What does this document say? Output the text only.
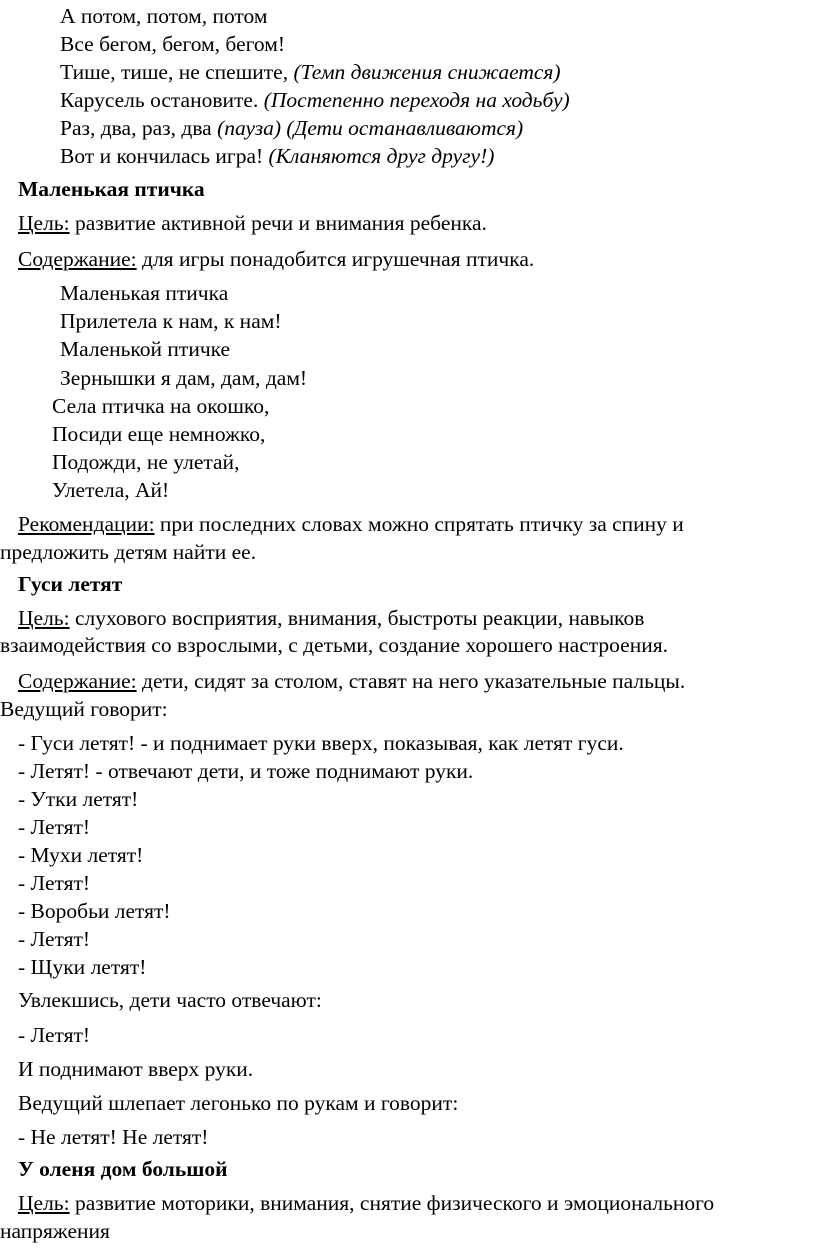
А потом, потом, потом
Все бегом, бегом, бегом!
Тише, тише, не спешите, (Темп движения снижается)
Карусель остановите. (Постепенно переходя на ходьбу)
Раз, два, раз, два (пауза) (Дети останавливаются)
Вот и кончилась игра! (Кланяются друг другу!)
Маленькая птичка
Цель: развитие активной речи и внимания ребенка.
Содержание: для игры понадобится игрушечная птичка.
Маленькая птичка
Прилетела к нам, к нам!
Маленькой птичке
Зернышки я дам, дам, дам!
Села птичка на окошко,
Посиди еще немножко,
Подожди, не улетай,
Улетела, Ай!
Рекомендации: при последних словах можно спрятать птичку за спину и
предложить детям найти ее.
Гуси летят
Цель: слухового восприятия, внимания, быстроты реакции, навыков
взаимодействия со взрослыми, с детьми, создание хорошего настроения.
Содержание: дети, сидят за столом, ставят на него указательные пальцы.
Ведущий говорит:
- Гуси летят! - и поднимает руки вверх, показывая, как летят гуси.
- Летят! - отвечают дети, и тоже поднимают руки.
- Утки летят!
- Летят!
- Мухи летят!
- Летят!
- Воробьи летят!
- Летят!
- Щуки летят!
Увлекшись, дети часто отвечают:
- Летят!
И поднимают вверх руки.
Ведущий шлепает легонько по рукам и говорит:
- Не летят! Не летят!
У оленя дом большой
Цель: развитие моторики, внимания, снятие физического и эмоционального
напряжения
